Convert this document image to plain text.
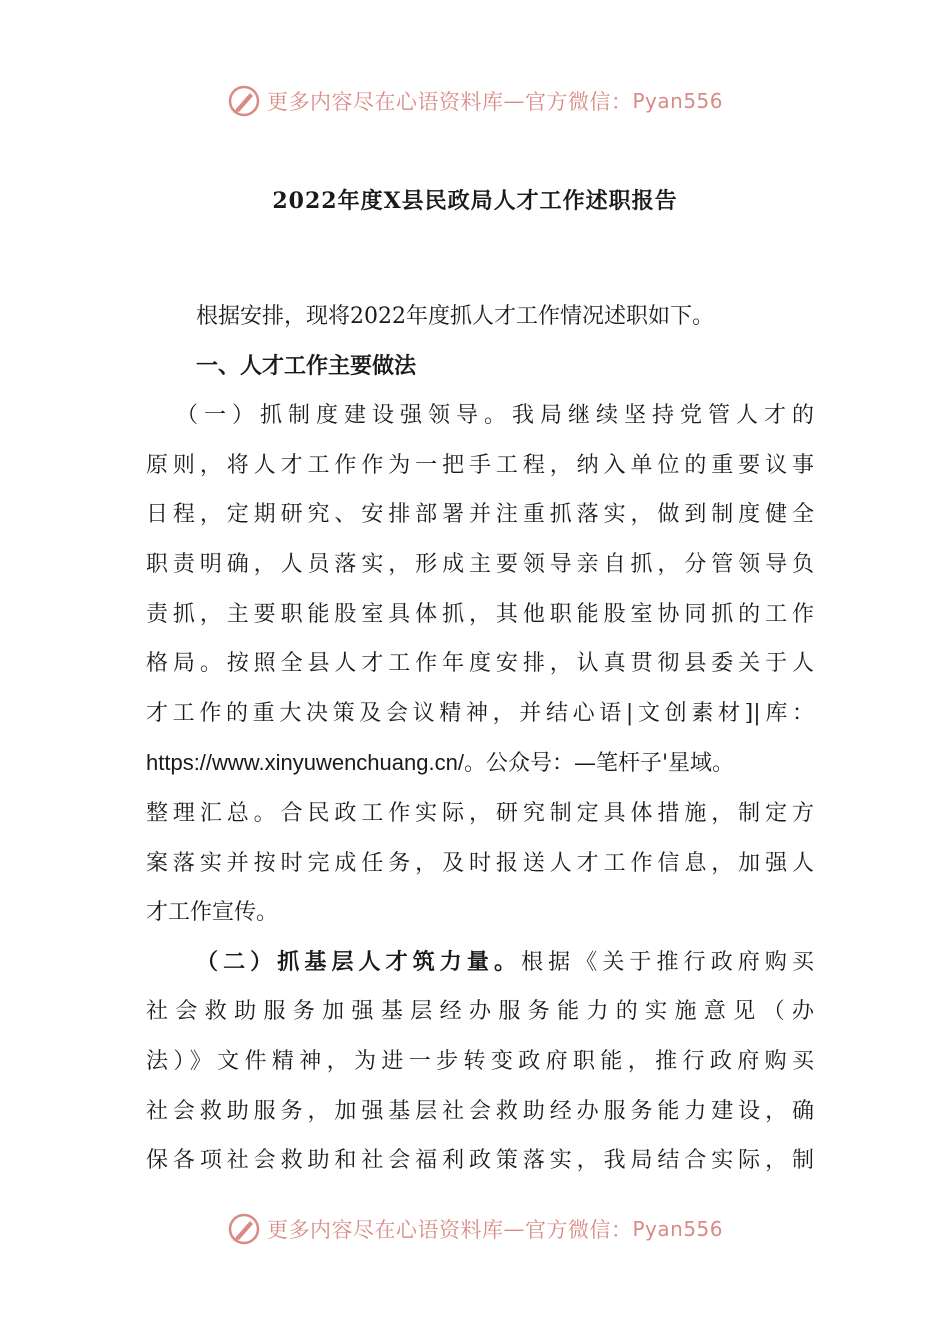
更多内容尽在心语资料库 — 官方微信： Pyan556
2022年度X县民政局人才工作述职报告
根据安排，现将2022年度抓人才工作情况述职如下。
一、人才工作主要做法
（一）抓制度建设强领导。我局继续坚持党管人才的
原则，将人才工作作为一把手工程，纳入单位的重要议事
日程，定期研究、安排部署并注重抓落实，做到制度健全
职责明确，人员落实，形成主要领导亲自抓，分管领导负
责抓，主要职能股室具体抓，其他职能股室协同抓的工作
格局。按照全县人才工作年度安排，认真贯彻县委关于人
才工作的重大决策及会议精神，并结心语|文创素材]|库：
https://www.xinyuwenchuang.cn/。公众号：—笔杆子'星域。
整理汇总。合民政工作实际，研究制定具体措施，制定方
案落实并按时完成任务，及时报送人才工作信息，加强人
才工作宣传。
（二）抓基层人才筑力量。根据《关于推行政府购买
社会救助服务加强基层经办服务能力的实施意见（办
法）》文件精神，为进一步转变政府职能，推行政府购买
社会救助服务，加强基层社会救助经办服务能力建设，确
保各项社会救助和社会福利政策落实，我局结合实际，制
更多内容尽在心语资料库 — 官方微信： Pyan556
